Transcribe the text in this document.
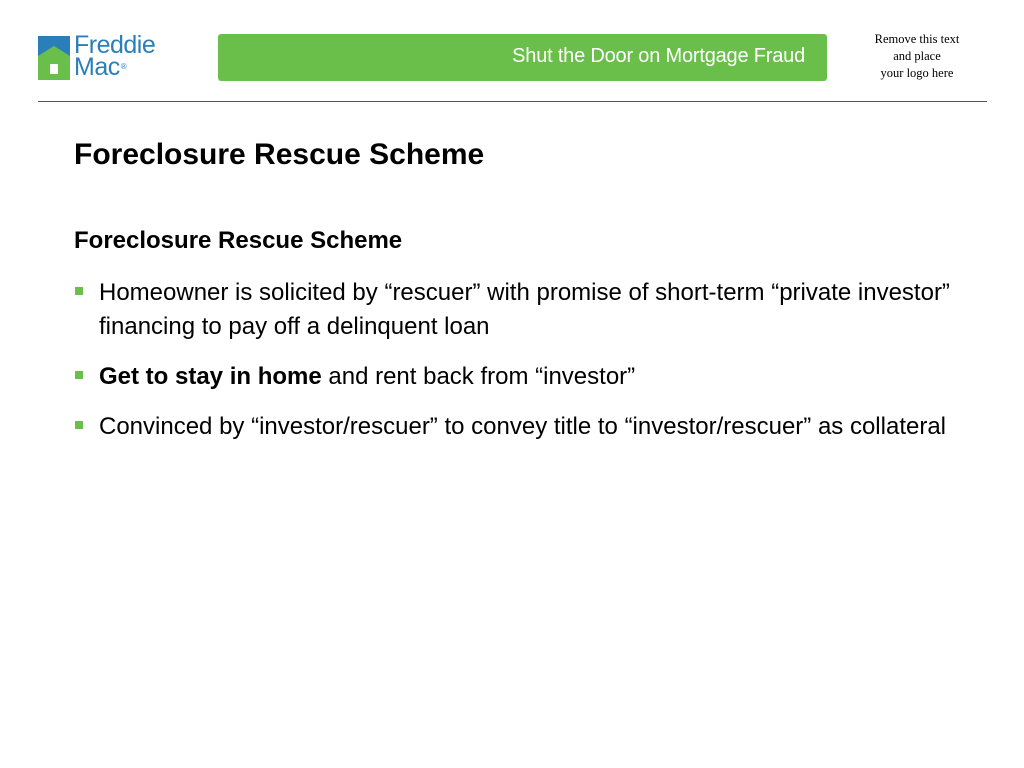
Freddie
Mac®	Shut the Door on Mortgage Fraud
Remove this text
and place
your logo here
Foreclosure Rescue Scheme
Foreclosure Rescue Scheme
Homeowner is solicited by “rescuer” with promise of short-term “private investor” financing to pay off a delinquent loan
Get to stay in home and rent back from “investor”
Convinced by “investor/rescuer” to convey title to “investor/rescuer” as collateral
